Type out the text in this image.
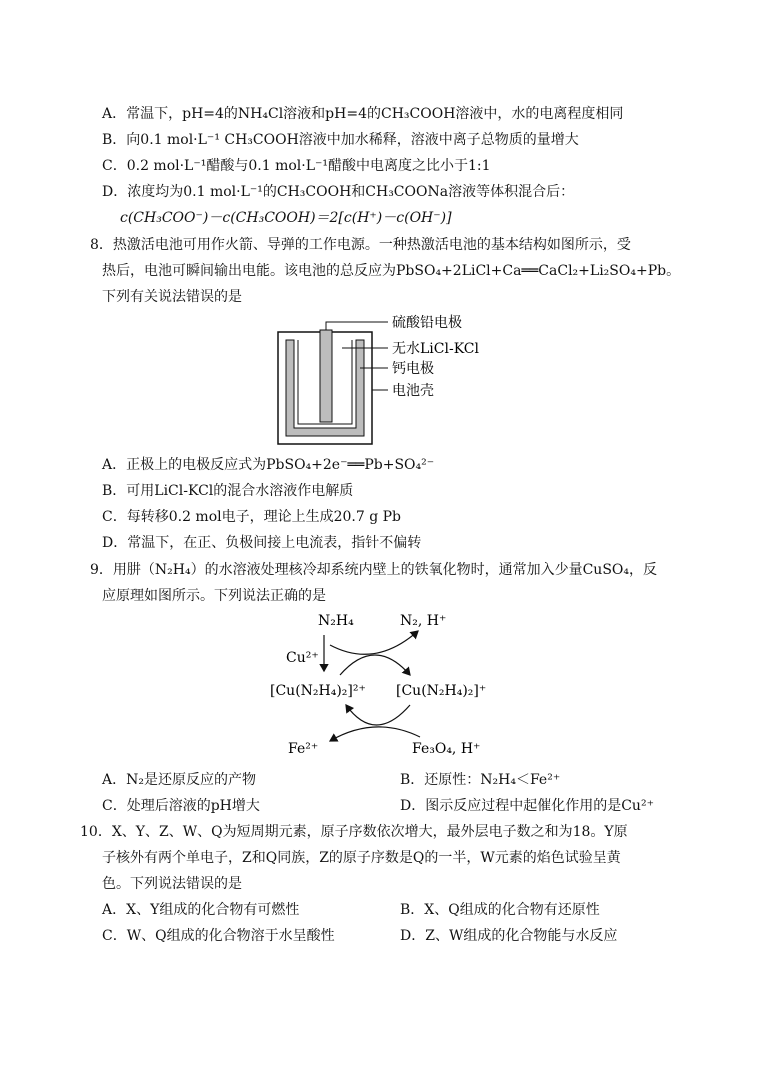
A．常温下，pH=4的NH₄Cl溶液和pH=4的CH₃COOH溶液中，水的电离程度相同
B．向0.1 mol·L⁻¹ CH₃COOH溶液中加水稀释，溶液中离子总物质的量增大
C．0.2 mol·L⁻¹醋酸与0.1 mol·L⁻¹醋酸中电离度之比小于1:1
D．浓度均为0.1 mol·L⁻¹的CH₃COOH和CH₃COONa溶液等体积混合后：
c(CH₃COO⁻)－c(CH₃COOH)＝2[c(H⁺)－c(OH⁻)]
8．热激活电池可用作火箭、导弹的工作电源。一种热激活电池的基本结构如图所示，受
热后，电池可瞬间输出电能。该电池的总反应为PbSO₄+2LiCl+Ca══CaCl₂+Li₂SO₄+Pb。
下列有关说法错误的是
硫酸铅电极
无水LiCl-KCl
钙电极
电池壳
A．正极上的电极反应式为PbSO₄+2e⁻══Pb+SO₄²⁻
B．可用LiCl-KCl的混合水溶液作电解质
C．每转移0.2 mol电子，理论上生成20.7 g Pb
D．常温下，在正、负极间接上电流表，指针不偏转
9．用肼（N₂H₄）的水溶液处理核冷却系统内壁上的铁氧化物时，通常加入少量CuSO₄，反
应原理如图所示。下列说法正确的是
N₂H₄	N₂, H⁺
Cu²⁺
[Cu(N₂H₄)₂]²⁺ [Cu(N₂H₄)₂]⁺
Fe²⁺	Fe₃O₄, H⁺
A．N₂是还原反应的产物	B．还原性：N₂H₄＜Fe²⁺
C．处理后溶液的pH增大	D．图示反应过程中起催化作用的是Cu²⁺
10．X、Y、Z、W、Q为短周期元素，原子序数依次增大，最外层电子数之和为18。Y原
子核外有两个单电子，Z和Q同族，Z的原子序数是Q的一半，W元素的焰色试验呈黄
色。下列说法错误的是
A．X、Y组成的化合物有可燃性	B．X、Q组成的化合物有还原性
C．W、Q组成的化合物溶于水呈酸性	D．Z、W组成的化合物能与水反应
